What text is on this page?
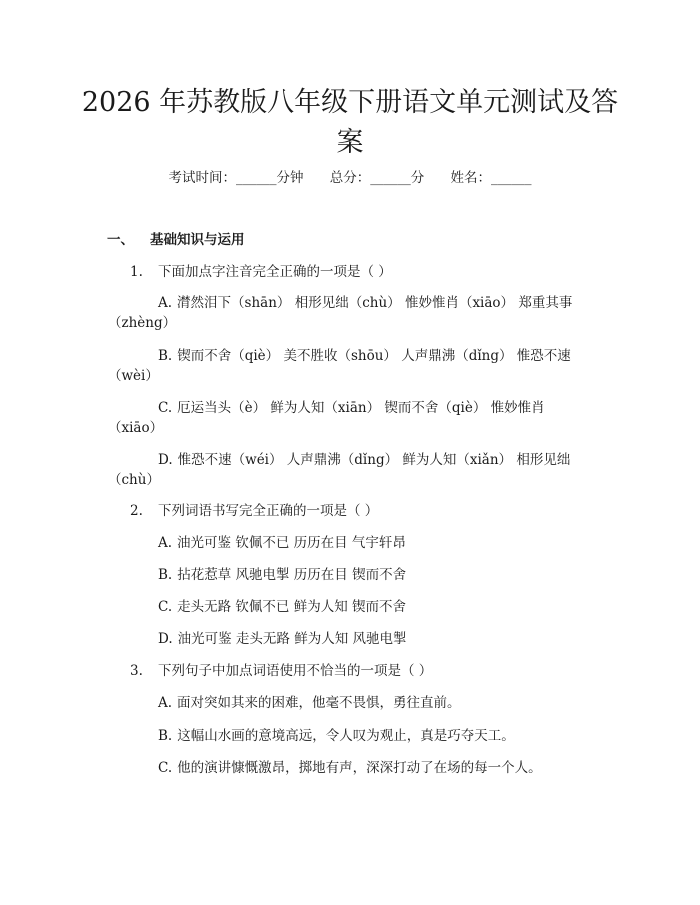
2026 年苏教版八年级下册语文单元测试及答
案
考试时间：______分钟 总分：______分 姓名：______
一、 基础知识与运用
1. 下面加点字注音完全正确的一项是（ ）
A. 潸然泪下（shān） 相形见绌（chù） 惟妙惟肖（xiāo） 郑重其事
（zhèng）
B. 锲而不舍（qiè） 美不胜收（shōu） 人声鼎沸（dǐng） 惟恐不速
（wèi）
C. 厄运当头（è） 鲜为人知（xiān） 锲而不舍（qiè） 惟妙惟肖
（xiāo）
D. 惟恐不速（wéi） 人声鼎沸（dǐng） 鲜为人知（xiǎn） 相形见绌
（chù）
2. 下列词语书写完全正确的一项是（ ）
A. 油光可鉴 钦佩不已 历历在目 气宇轩昂
B. 拈花惹草 风驰电掣 历历在目 锲而不舍
C. 走头无路 钦佩不已 鲜为人知 锲而不舍
D. 油光可鉴 走头无路 鲜为人知 风驰电掣
3. 下列句子中加点词语使用不恰当的一项是（ ）
A. 面对突如其来的困难，他毫不畏惧，勇往直前。
B. 这幅山水画的意境高远，令人叹为观止，真是巧夺天工。
C. 他的演讲慷慨激昂，掷地有声，深深打动了在场的每一个人。
